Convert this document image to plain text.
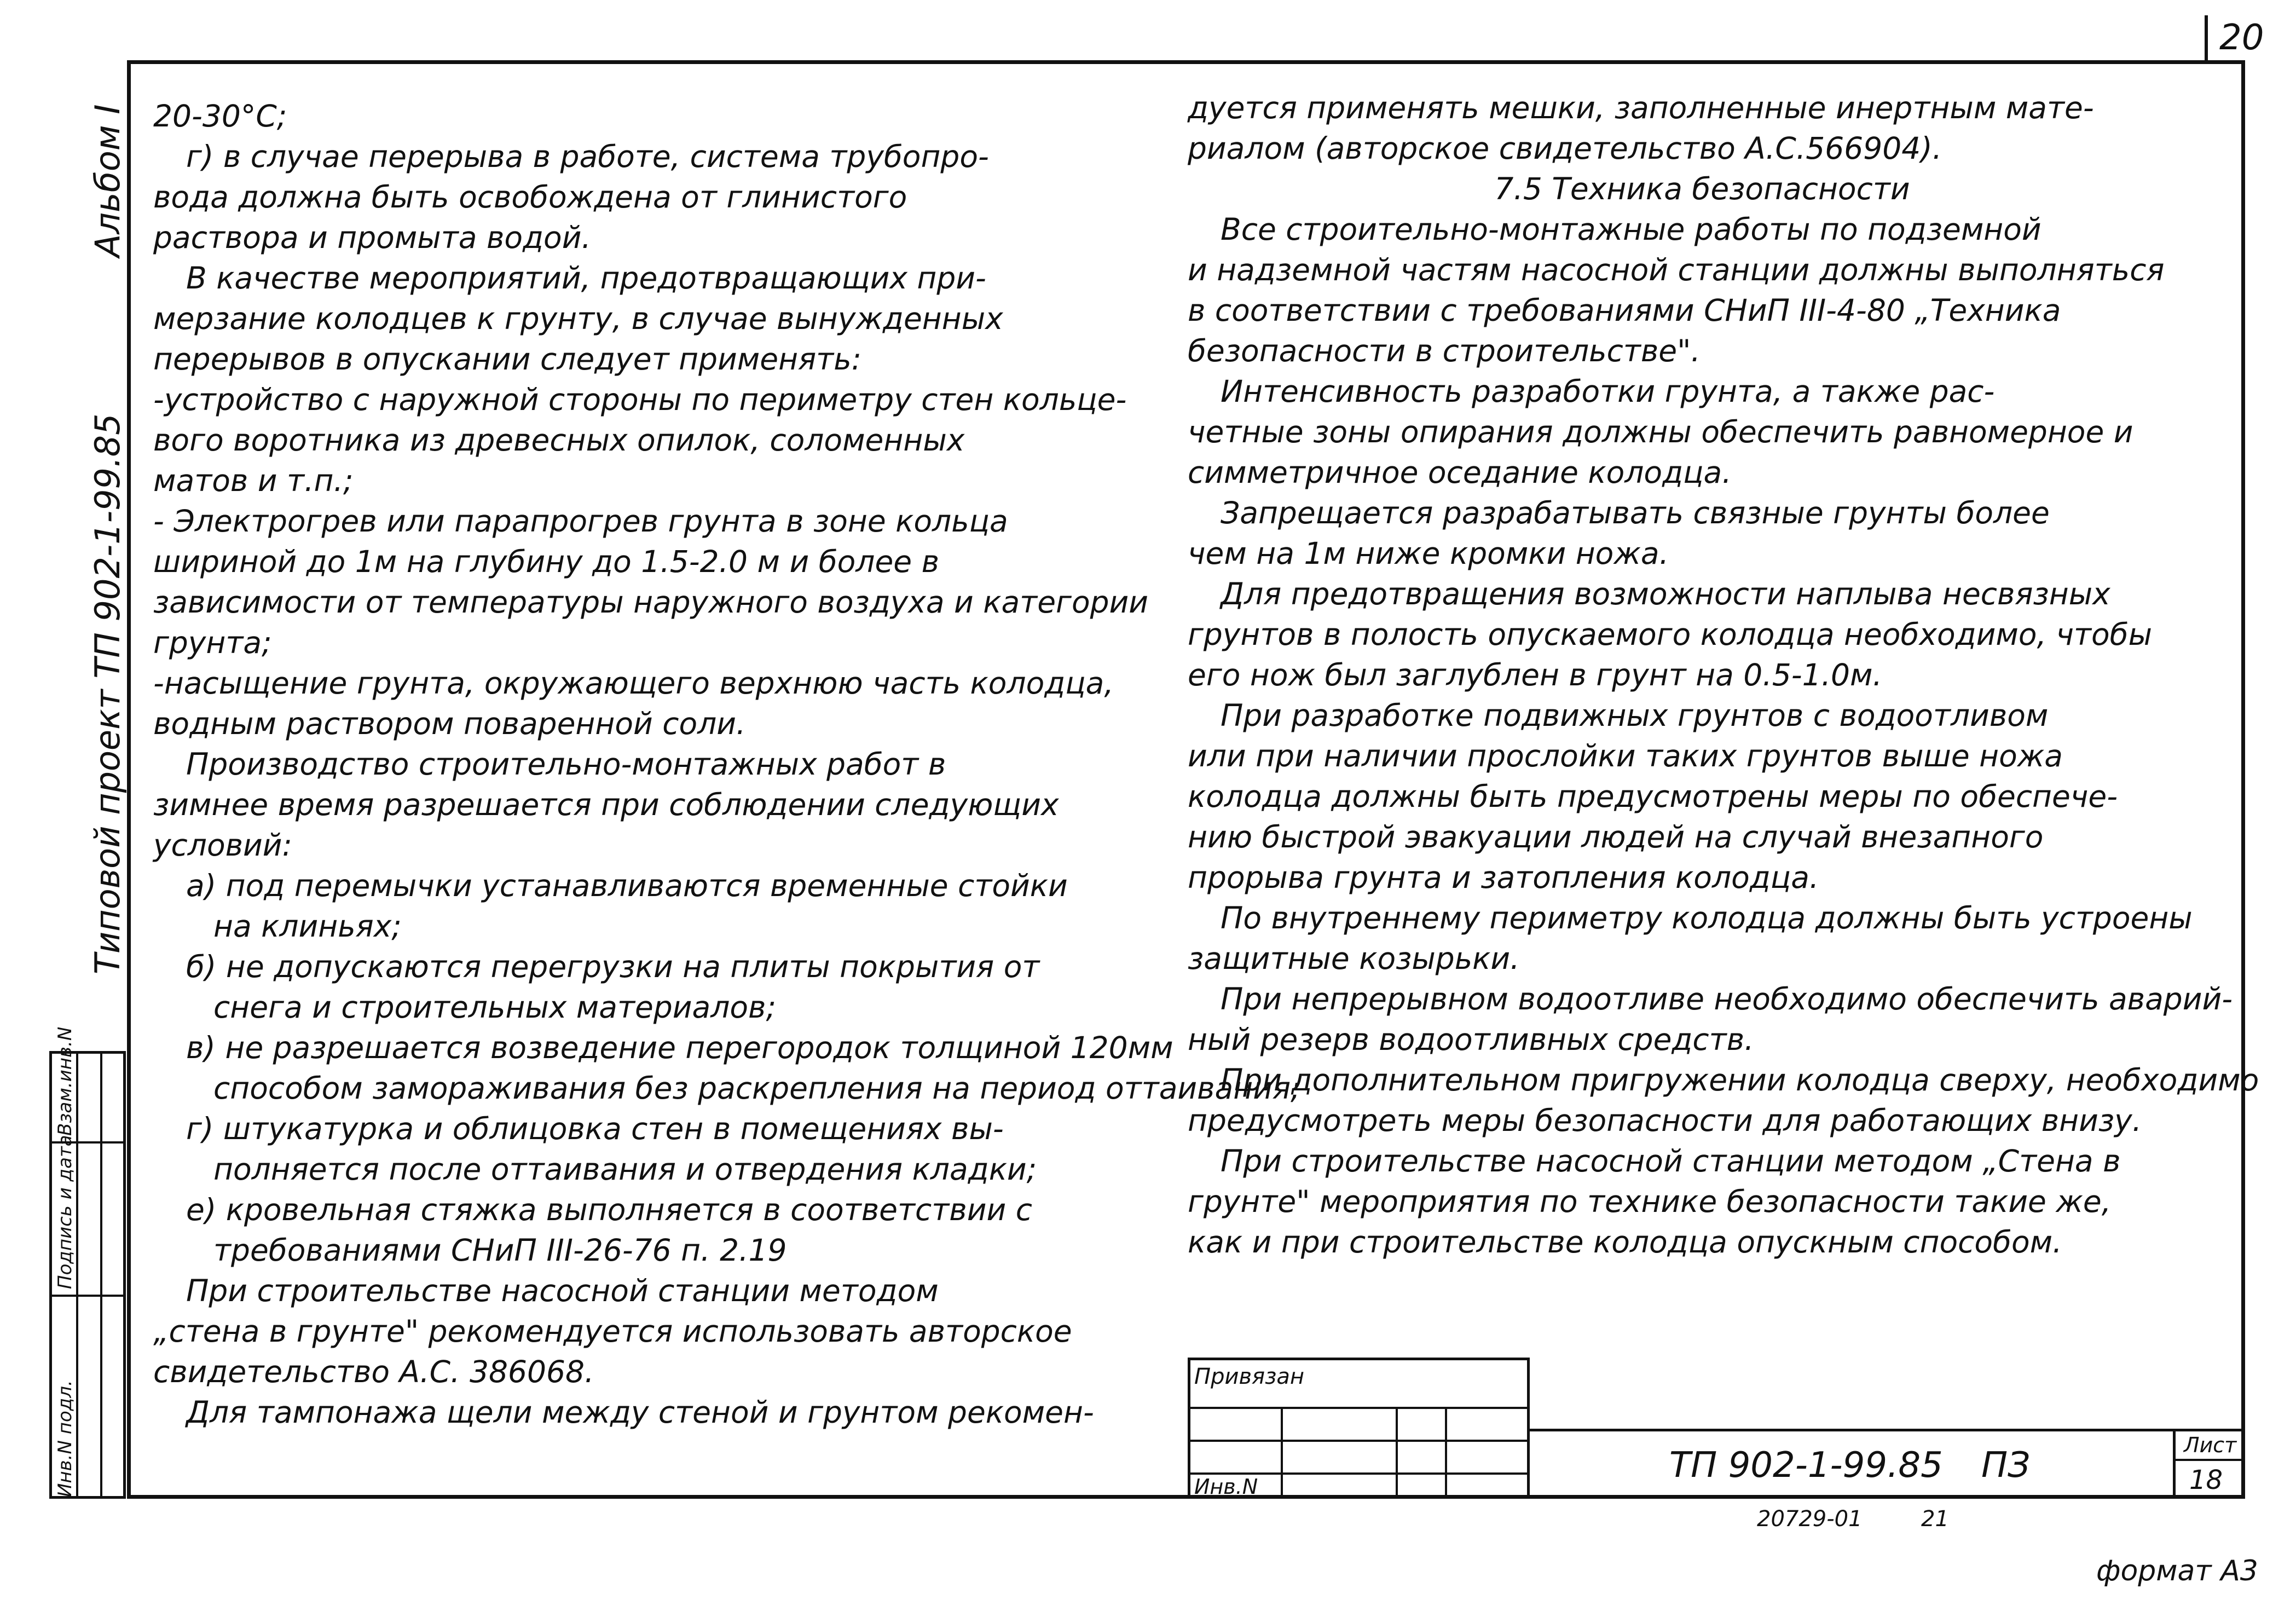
20
Альбом I
Типовой проект ТП 902-1-99.85
Инв.N подл.
Подпись и дата
Взам.инв.N
20-30°С;
г) в случае перерыва в работе, система трубопро-
вода должна быть освобождена от глинистого
раствора и промыта водой.
В качестве мероприятий, предотвращающих при-
мерзание колодцев к грунту, в случае вынужденных
перерывов в опускании следует применять:
-устройство с наружной стороны по периметру стен кольце-
вого воротника из древесных опилок, соломенных
матов и т.п.;
- Электрогрев или парапрогрев грунта в зоне кольца
шириной до 1м на глубину до 1.5-2.0 м и более в
зависимости от температуры наружного воздуха и категории
грунта;
-насыщение грунта, окружающего верхнюю часть колодца,
водным раствором поваренной соли.
Производство строительно-монтажных работ в
зимнее время разрешается при соблюдении следующих
условий:
а) под перемычки устанавливаются временные стойки
на клиньях;
б) не допускаются перегрузки на плиты покрытия от
снега и строительных материалов;
в) не разрешается возведение перегородок толщиной 120мм
способом замораживания без раскрепления на период оттаивания;
г) штукатурка и облицовка стен в помещениях вы-
полняется после оттаивания и отвердения кладки;
е) кровельная стяжка выполняется в соответствии с
требованиями СНиП III-26-76 п. 2.19
При строительстве насосной станции методом
„стена в грунте" рекомендуется использовать авторское
свидетельство А.С. 386068.
Для тампонажа щели между стеной и грунтом рекомен-
дуется применять мешки, заполненные инертным мате-
риалом (авторское свидетельство А.С.566904).
7.5 Техника безопасности
Все строительно-монтажные работы по подземной
и надземной частям насосной станции должны выполняться
в соответствии с требованиями СНиП III-4-80 „Техника
безопасности в строительстве".
Интенсивность разработки грунта, а также рас-
четные зоны опирания должны обеспечить равномерное и
симметричное оседание колодца.
Запрещается разрабатывать связные грунты более
чем на 1м ниже кромки ножа.
Для предотвращения возможности наплыва несвязных
грунтов в полость опускаемого колодца необходимо, чтобы
его нож был заглублен в грунт на 0.5-1.0м.
При разработке подвижных грунтов с водоотливом
или при наличии прослойки таких грунтов выше ножа
колодца должны быть предусмотрены меры по обеспече-
нию быстрой эвакуации людей на случай внезапного
прорыва грунта и затопления колодца.
По внутреннему периметру колодца должны быть устроены
защитные козырьки.
При непрерывном водоотливе необходимо обеспечить аварий-
ный резерв водоотливных средств.
При дополнительном пригружении колодца сверху, необходимо
предусмотреть меры безопасности для работающих внизу.
При строительстве насосной станции методом „Стена в
грунте" мероприятия по технике безопасности такие же,
как и при строительстве колодца опускным способом.
Привязан
Инв.N
ТП 902-1-99.85 ПЗ	Лист
18
20729-01	21
формат А3
